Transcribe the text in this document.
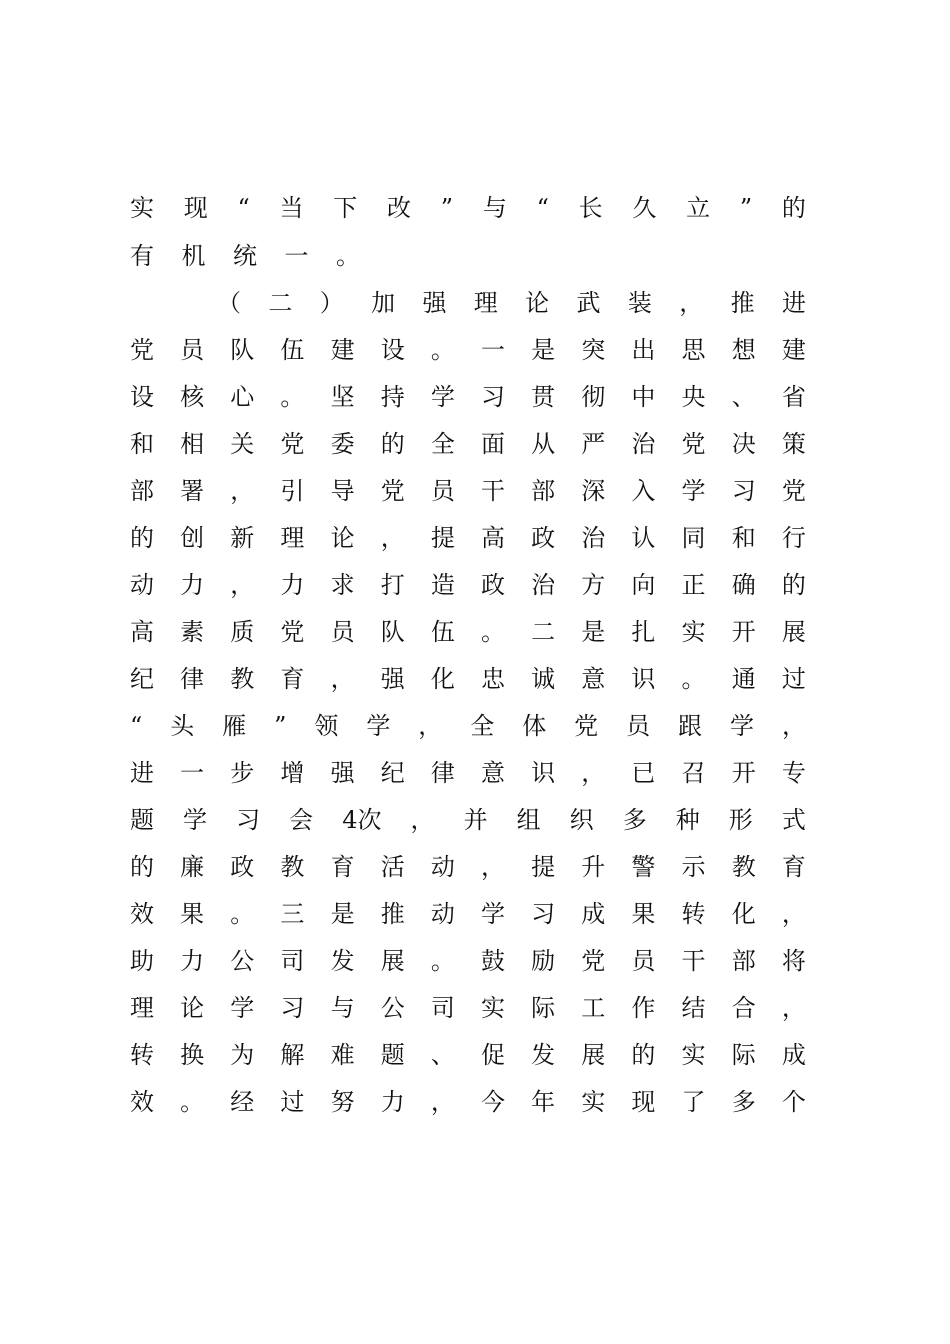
实 现 “ 当 下 改 ” 与 “ 长 久 立 ” 的
有 机 统 一 。
（ 二 ） 加 强 理 论 武 装 ， 推 进
党 员 队 伍 建 设 。 一 是 突 出 思 想 建
设 核 心 。 坚 持 学 习 贯 彻 中 央 、 省
和 相 关 党 委 的 全 面 从 严 治 党 决 策
部 署 ， 引 导 党 员 干 部 深 入 学 习 党
的 创 新 理 论 ， 提 高 政 治 认 同 和 行
动 力 ， 力 求 打 造 政 治 方 向 正 确 的
高 素 质 党 员 队 伍 。 二 是 扎 实 开 展
纪 律 教 育 ， 强 化 忠 诚 意 识 。 通 过
“ 头 雁 ” 领 学 ， 全 体 党 员 跟 学 ，
进 一 步 增 强 纪 律 意 识 ， 已 召 开 专
题 学 习 会 4次 ， 并 组 织 多 种 形 式
的 廉 政 教 育 活 动 ， 提 升 警 示 教 育
效 果 。 三 是 推 动 学 习 成 果 转 化 ，
助 力 公 司 发 展 。 鼓 励 党 员 干 部 将
理 论 学 习 与 公 司 实 际 工 作 结 合 ，
转 换 为 解 难 题 、 促 发 展 的 实 际 成
效 。 经 过 努 力 ， 今 年 实 现 了 多 个
